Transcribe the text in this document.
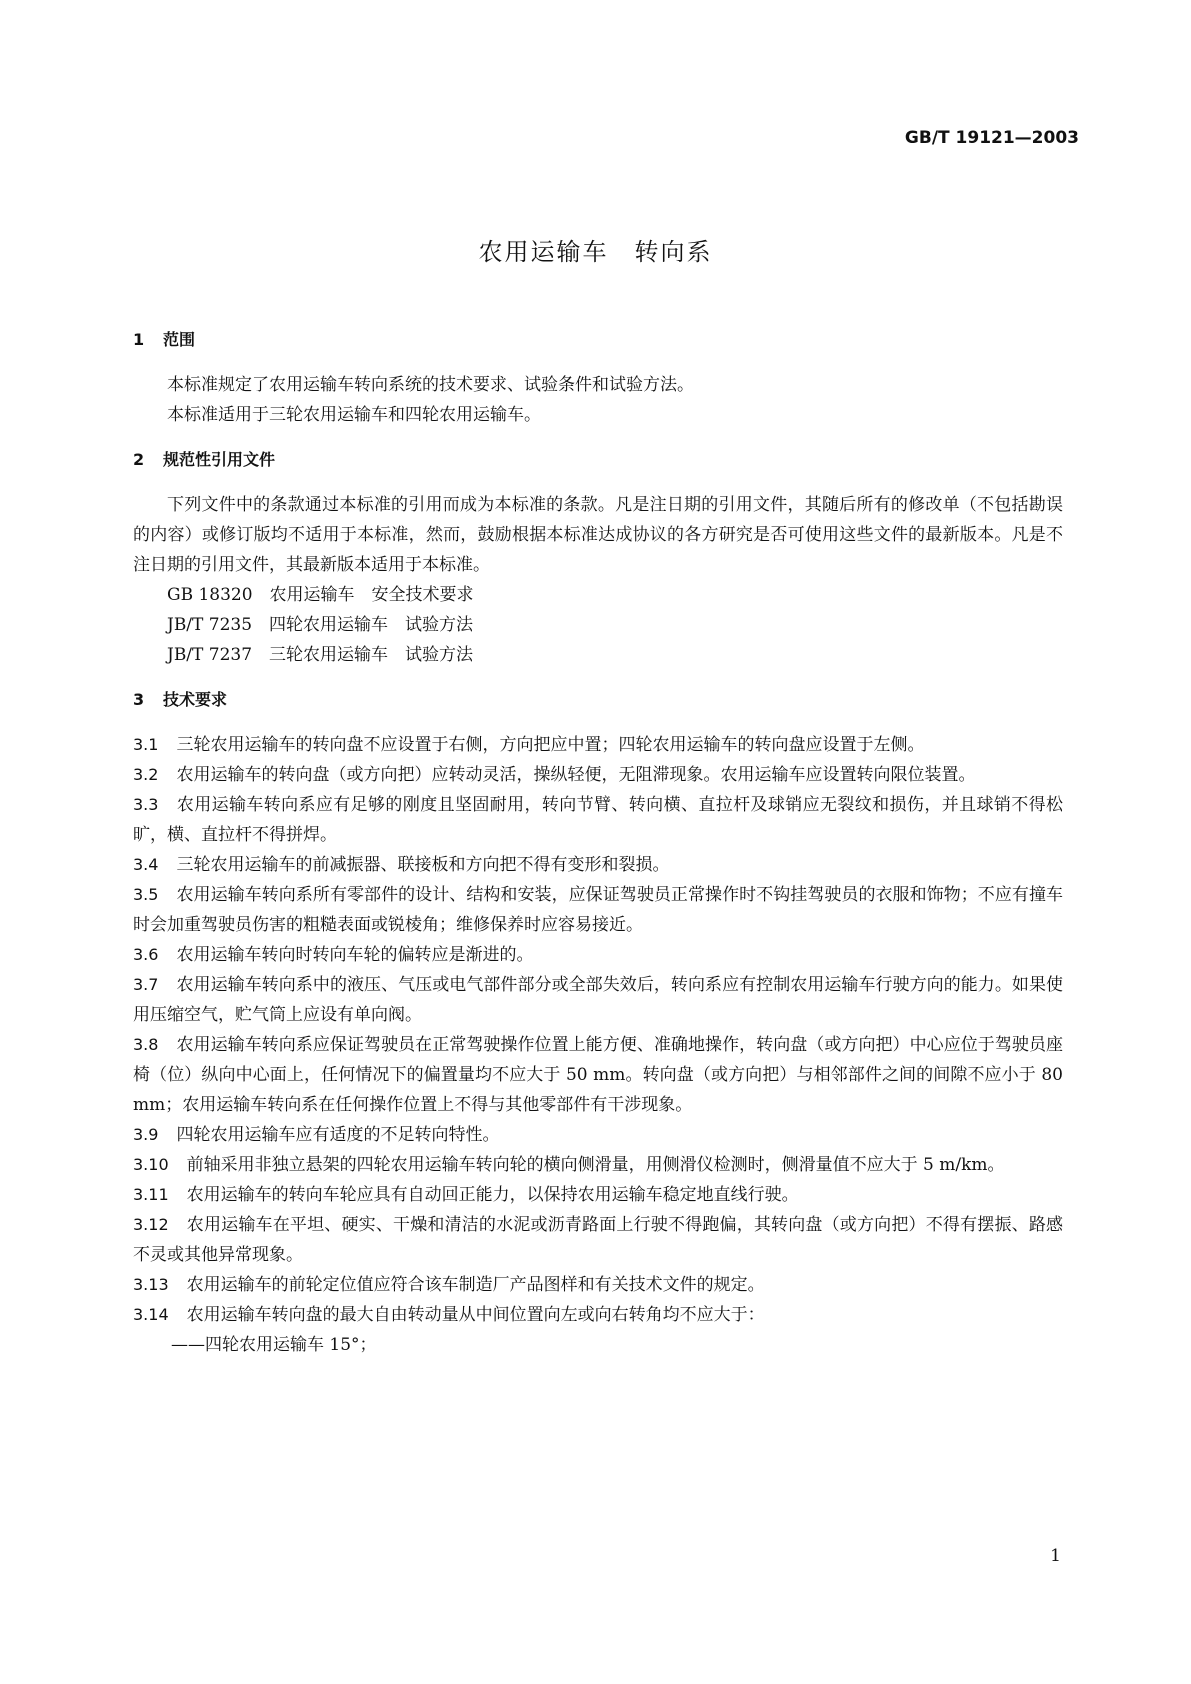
GB/T 19121—2003
农用运输车　转向系
1 范围
本标准规定了农用运输车转向系统的技术要求、试验条件和试验方法。
本标准适用于三轮农用运输车和四轮农用运输车。
2 规范性引用文件
下列文件中的条款通过本标准的引用而成为本标准的条款。凡是注日期的引用文件，其随后所有的修改单（不包括勘误的内容）或修订版均不适用于本标准，然而，鼓励根据本标准达成协议的各方研究是否可使用这些文件的最新版本。凡是不注日期的引用文件，其最新版本适用于本标准。
GB 18320　农用运输车　安全技术要求
JB/T 7235　四轮农用运输车　试验方法
JB/T 7237　三轮农用运输车　试验方法
3 技术要求
3.1 三轮农用运输车的转向盘不应设置于右侧，方向把应中置；四轮农用运输车的转向盘应设置于左侧。
3.2 农用运输车的转向盘（或方向把）应转动灵活，操纵轻便，无阻滞现象。农用运输车应设置转向限位装置。
3.3 农用运输车转向系应有足够的刚度且坚固耐用，转向节臂、转向横、直拉杆及球销应无裂纹和损伤，并且球销不得松旷，横、直拉杆不得拼焊。
3.4 三轮农用运输车的前减振器、联接板和方向把不得有变形和裂损。
3.5 农用运输车转向系所有零部件的设计、结构和安装，应保证驾驶员正常操作时不钩挂驾驶员的衣服和饰物；不应有撞车时会加重驾驶员伤害的粗糙表面或锐棱角；维修保养时应容易接近。
3.6 农用运输车转向时转向车轮的偏转应是渐进的。
3.7 农用运输车转向系中的液压、气压或电气部件部分或全部失效后，转向系应有控制农用运输车行驶方向的能力。如果使用压缩空气，贮气筒上应设有单向阀。
3.8 农用运输车转向系应保证驾驶员在正常驾驶操作位置上能方便、准确地操作，转向盘（或方向把）中心应位于驾驶员座椅（位）纵向中心面上，任何情况下的偏置量均不应大于 50 mm。转向盘（或方向把）与相邻部件之间的间隙不应小于 80 mm；农用运输车转向系在任何操作位置上不得与其他零部件有干涉现象。
3.9 四轮农用运输车应有适度的不足转向特性。
3.10 前轴采用非独立悬架的四轮农用运输车转向轮的横向侧滑量，用侧滑仪检测时，侧滑量值不应大于 5 m/km。
3.11 农用运输车的转向车轮应具有自动回正能力，以保持农用运输车稳定地直线行驶。
3.12 农用运输车在平坦、硬实、干燥和清洁的水泥或沥青路面上行驶不得跑偏，其转向盘（或方向把）不得有摆振、路感不灵或其他异常现象。
3.13 农用运输车的前轮定位值应符合该车制造厂产品图样和有关技术文件的规定。
3.14 农用运输车转向盘的最大自由转动量从中间位置向左或向右转角均不应大于：
——四轮农用运输车 15°；
1
